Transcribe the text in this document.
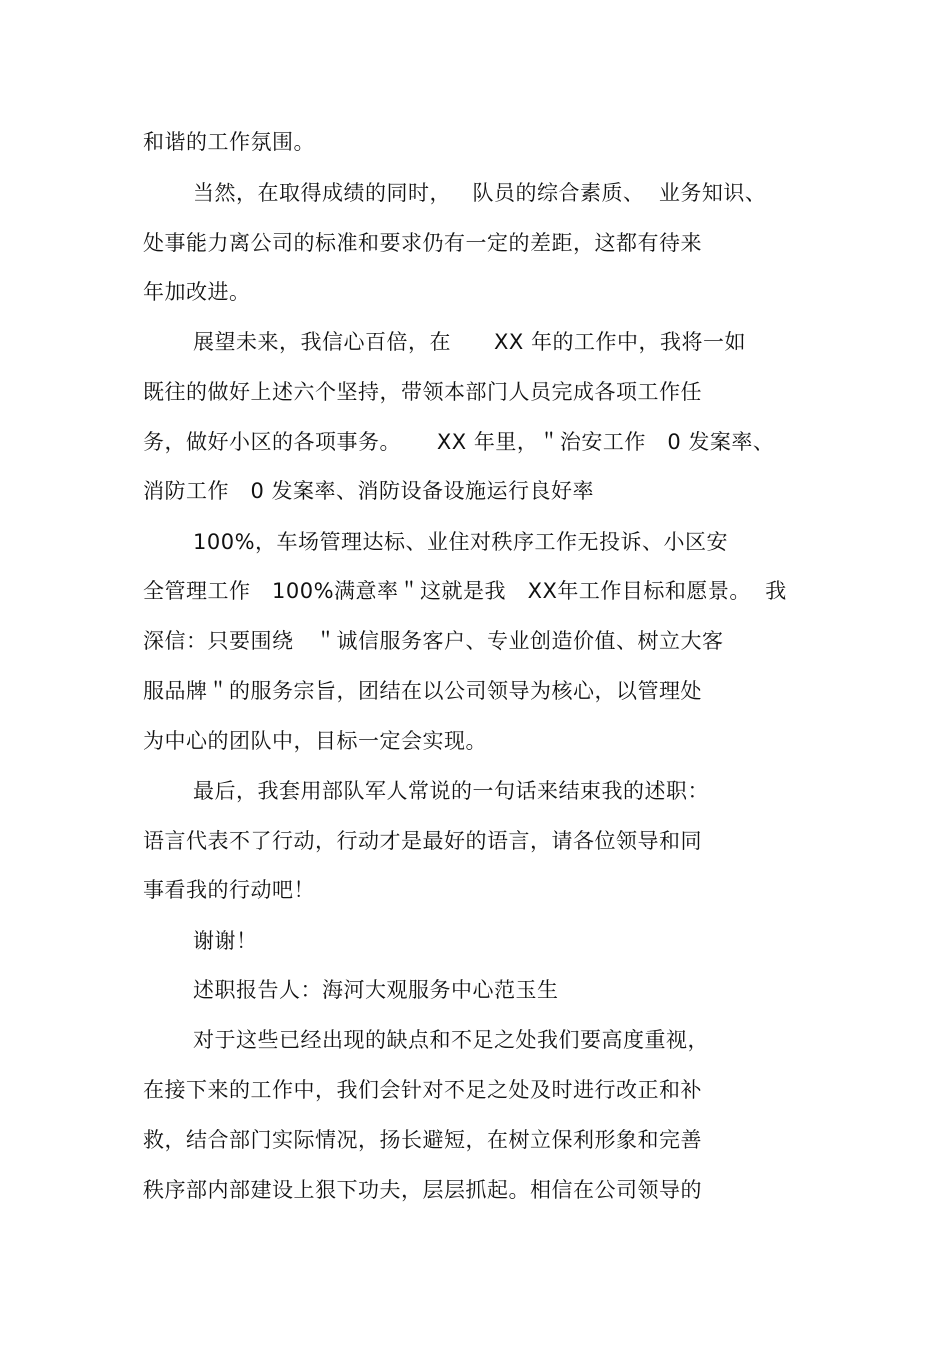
和谐的工作氛围。
当然，在取得成绩的同时，   队员的综合素质、  业务知识、
处事能力离公司的标准和要求仍有一定的差距，这都有待来
年加改进。
展望未来，我信心百倍，在      XX 年的工作中，我将一如
既往的做好上述六个坚持，带领本部门人员完成各项工作任
务，做好小区的各项事务。     XX 年里，＂治安工作   0 发案率、
消防工作   0 发案率、消防设备设施运行良好率
100%，车场管理达标、业住对秩序工作无投诉、小区安
全管理工作   100%满意率＂这就是我   XX年工作目标和愿景。  我
深信：只要围绕   ＂诚信服务客户、专业创造价值、树立大客
服品牌＂的服务宗旨，团结在以公司领导为核心，以管理处
为中心的团队中，目标一定会实现。
最后，我套用部队军人常说的一句话来结束我的述职：
语言代表不了行动，行动才是最好的语言，请各位领导和同
事看我的行动吧！
谢谢！
述职报告人：海河大观服务中心范玉生
对于这些已经出现的缺点和不足之处我们要高度重视，
在接下来的工作中，我们会针对不足之处及时进行改正和补
救，结合部门实际情况，扬长避短，在树立保利形象和完善
秩序部内部建设上狠下功夫，层层抓起。相信在公司领导的
